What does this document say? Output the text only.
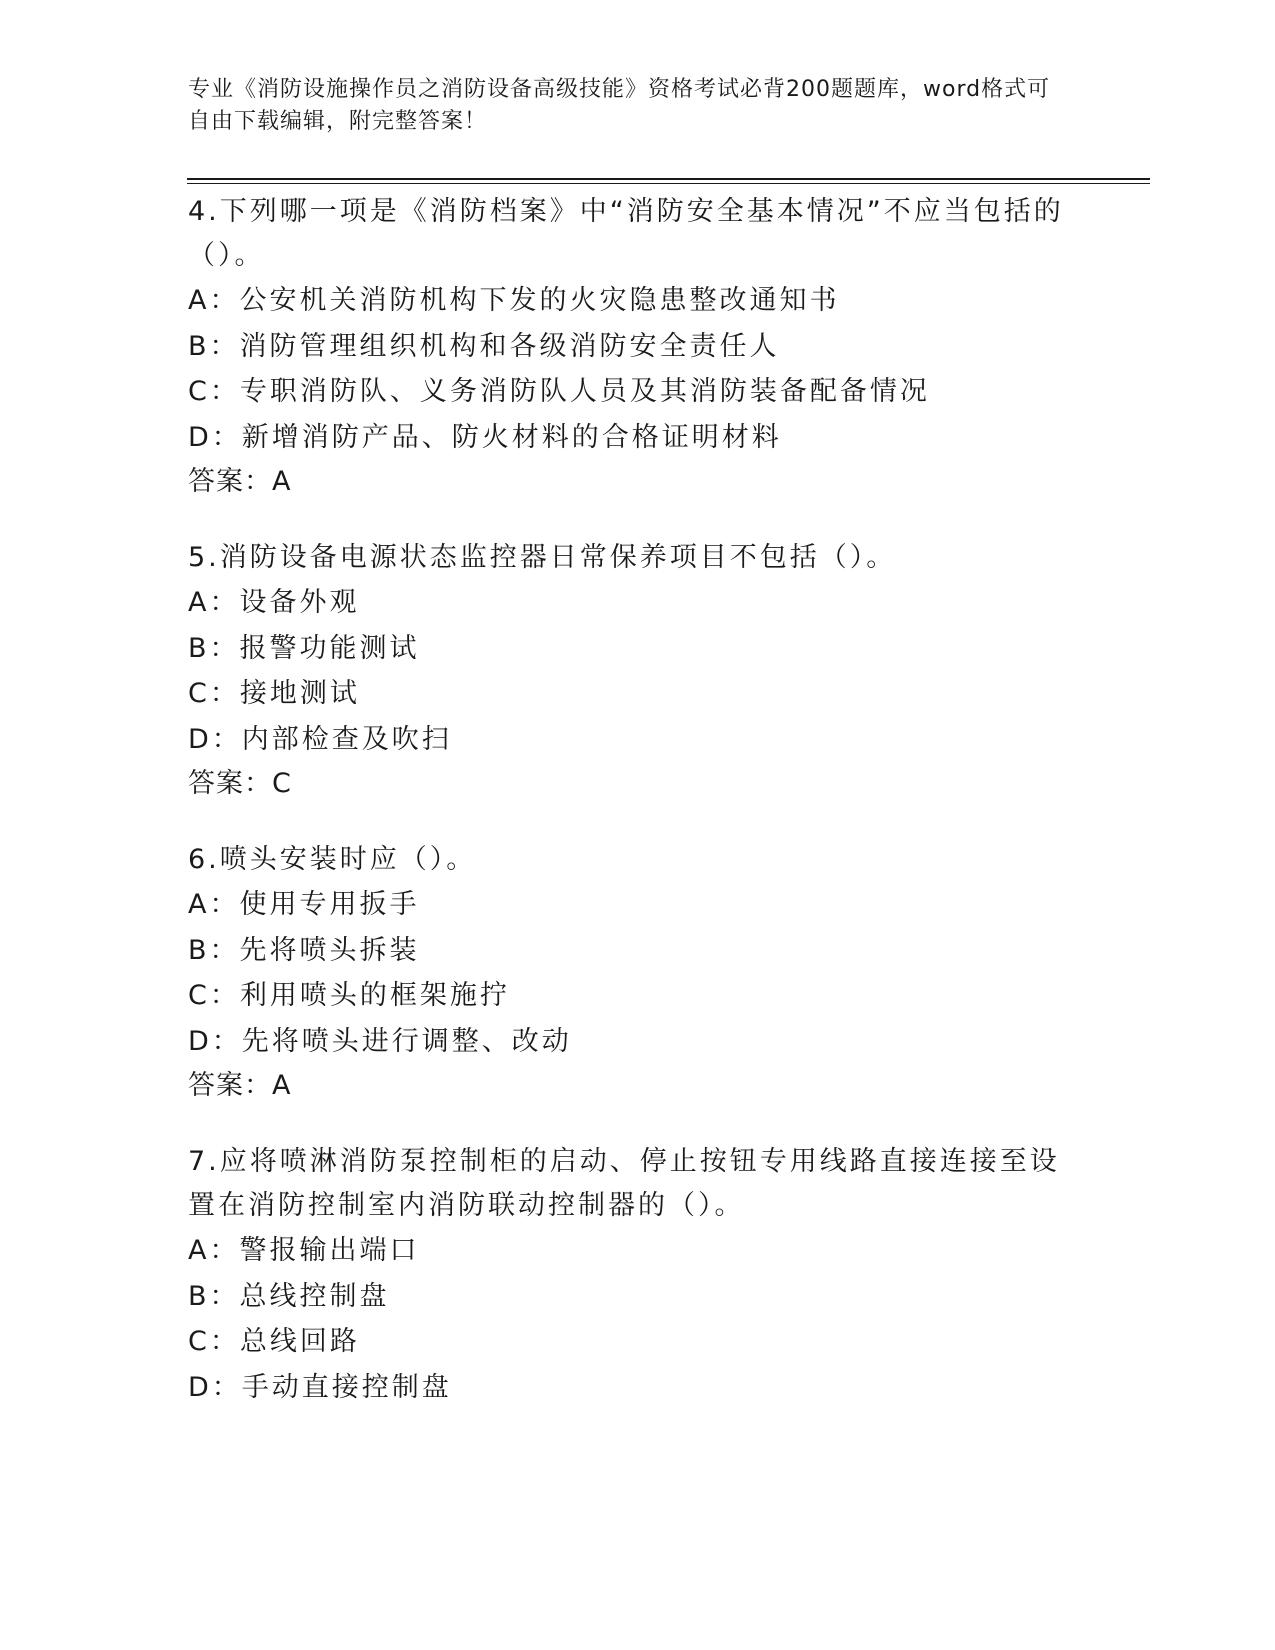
专业《消防设施操作员之消防设备高级技能》资格考试必背200题题库，word格式可自由下载编辑，附完整答案！
4.下列哪一项是《消防档案》中“消防安全基本情况”不应当包括的（）。
A：公安机关消防机构下发的火灾隐患整改通知书
B：消防管理组织机构和各级消防安全责任人
C：专职消防队、义务消防队人员及其消防装备配备情况
D：新增消防产品、防火材料的合格证明材料
答案：A
5.消防设备电源状态监控器日常保养项目不包括（）。
A：设备外观
B：报警功能测试
C：接地测试
D：内部检查及吹扫
答案：C
6.喷头安装时应（）。
A：使用专用扳手
B：先将喷头拆装
C：利用喷头的框架施拧
D：先将喷头进行调整、改动
答案：A
7.应将喷淋消防泵控制柜的启动、停止按钮专用线路直接连接至设置在消防控制室内消防联动控制器的（）。
A：警报输出端口
B：总线控制盘
C：总线回路
D：手动直接控制盘
